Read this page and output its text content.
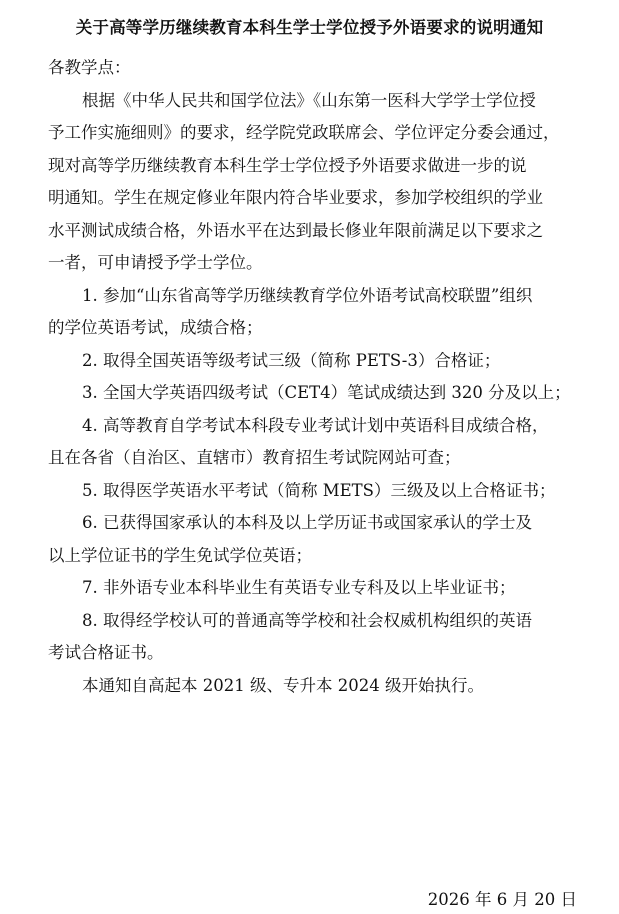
关于高等学历继续教育本科生学士学位授予外语要求的说明通知
各教学点：
根据《中华人民共和国学位法》《山东第一医科大学学士学位授
予工作实施细则》的要求，经学院党政联席会、学位评定分委会通过，
现对高等学历继续教育本科生学士学位授予外语要求做进一步的说
明通知。学生在规定修业年限内符合毕业要求，参加学校组织的学业
水平测试成绩合格，外语水平在达到最长修业年限前满足以下要求之
一者，可申请授予学士学位。
1. 参加“山东省高等学历继续教育学位外语考试高校联盟”组织
的学位英语考试，成绩合格；
2. 取得全国英语等级考试三级（简称 PETS-3）合格证；
3. 全国大学英语四级考试（CET4）笔试成绩达到 320 分及以上；
4. 高等教育自学考试本科段专业考试计划中英语科目成绩合格，
且在各省（自治区、直辖市）教育招生考试院网站可查；
5. 取得医学英语水平考试（简称 METS）三级及以上合格证书；
6. 已获得国家承认的本科及以上学历证书或国家承认的学士及
以上学位证书的学生免试学位英语；
7. 非外语专业本科毕业生有英语专业专科及以上毕业证书；
8. 取得经学校认可的普通高等学校和社会权威机构组织的英语
考试合格证书。
本通知自高起本 2021 级、专升本 2024 级开始执行。
2026 年 6 月 20 日
